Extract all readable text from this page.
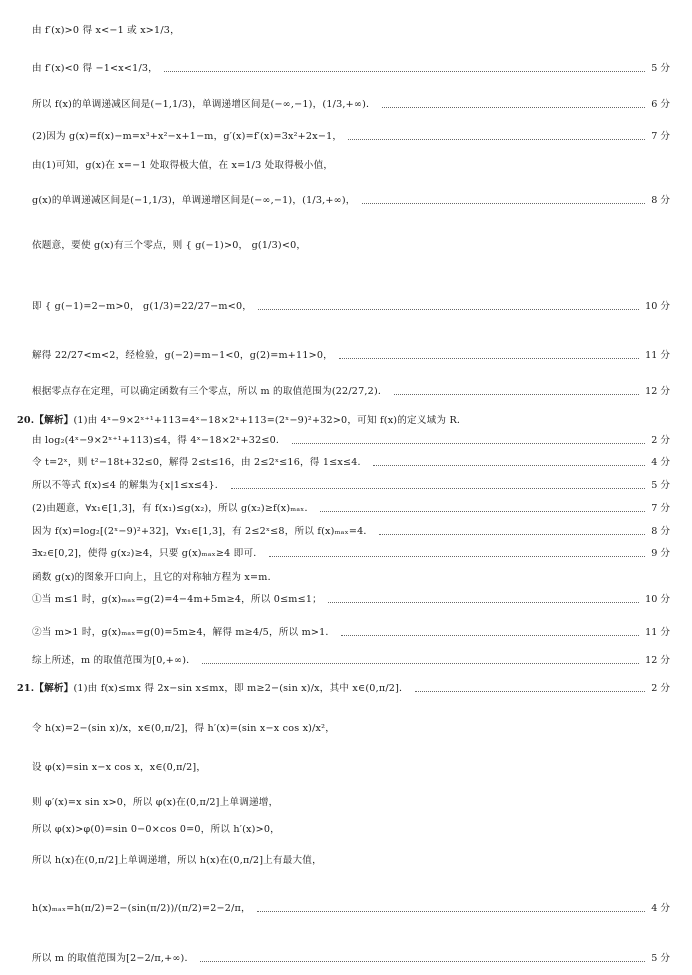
由 f′(x)>0 得 x<−1 或 x>1/3，
由 f′(x)<0 得 −1<x<1/3，	5 分
所以 f(x)的单调递减区间是(−1,1/3)，单调递增区间是(−∞,−1)，(1/3,+∞)．	6 分
(2)因为 g(x)=f(x)−m=x³+x²−x+1−m，g′(x)=f′(x)=3x²+2x−1，	7 分
由(1)可知，g(x)在 x=−1 处取得极大值，在 x=1/3 处取得极小值，
g(x)的单调递减区间是(−1,1/3)，单调递增区间是(−∞,−1)，(1/3,+∞)，	8 分
依题意，要使 g(x)有三个零点，则 { g(−1)>0， g(1/3)<0，
即 { g(−1)=2−m>0， g(1/3)=22/27−m<0，	10 分
解得 22/27<m<2，经检验，g(−2)=m−1<0，g(2)=m+11>0，	11 分
根据零点存在定理，可以确定函数有三个零点，所以 m 的取值范围为(22/27,2)．	12 分
20.【解析】 (1)由 4ˣ−9×2ˣ⁺¹+113=4ˣ−18×2ˣ+113=(2ˣ−9)²+32>0，可知 f(x)的定义域为 R．
由 log₂(4ˣ−9×2ˣ⁺¹+113)≤4，得 4ˣ−18×2ˣ+32≤0．	2 分
令 t=2ˣ，则 t²−18t+32≤0，解得 2≤t≤16，由 2≤2ˣ≤16，得 1≤x≤4．	4 分
所以不等式 f(x)≤4 的解集为{x|1≤x≤4}．	5 分
(2)由题意，∀x₁∈[1,3]，有 f(x₁)≤g(x₂)，所以 g(x₂)≥f(x)ₘₐₓ．	7 分
因为 f(x)=log₂[(2ˣ−9)²+32]，∀x₁∈[1,3]，有 2≤2ˣ≤8，所以 f(x)ₘₐₓ=4．	8 分
∃x₂∈[0,2]，使得 g(x₂)≥4，只要 g(x)ₘₐₓ≥4 即可．	9 分
函数 g(x)的图象开口向上，且它的对称轴方程为 x=m．
①当 m≤1 时，g(x)ₘₐₓ=g(2)=4−4m+5m≥4，所以 0≤m≤1；	10 分
②当 m>1 时，g(x)ₘₐₓ=g(0)=5m≥4，解得 m≥4/5，所以 m>1．	11 分
综上所述，m 的取值范围为[0,+∞)．	12 分
21.【解析】 (1)由 f(x)≤mx 得 2x−sin x≤mx，即 m≥2−(sin x)/x，其中 x∈(0,π/2]．	2 分
令 h(x)=2−(sin x)/x，x∈(0,π/2]，得 h′(x)=(sin x−x cos x)/x²，
设 φ(x)=sin x−x cos x，x∈(0,π/2]，
则 φ′(x)=x sin x>0，所以 φ(x)在(0,π/2]上单调递增，
所以 φ(x)>φ(0)=sin 0−0×cos 0=0，所以 h′(x)>0，
所以 h(x)在(0,π/2]上单调递增，所以 h(x)在(0,π/2]上有最大值，
h(x)ₘₐₓ=h(π/2)=2−(sin(π/2))/(π/2)=2−2/π，	4 分
所以 m 的取值范围为[2−2/π,+∞)．	5 分
